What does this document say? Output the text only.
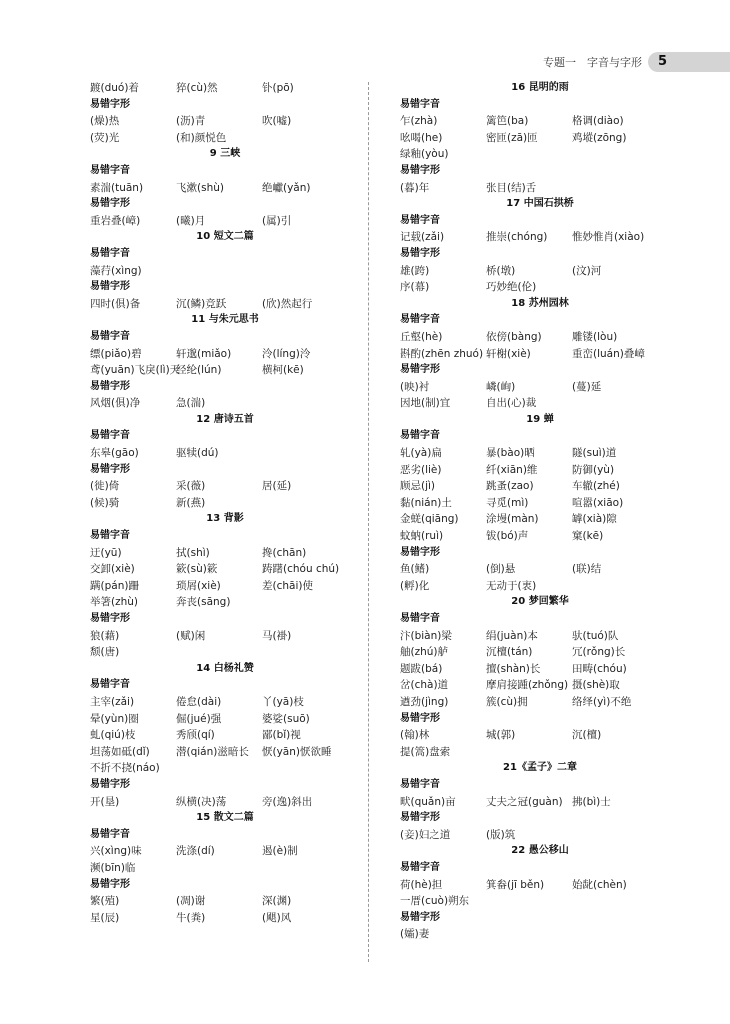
专题一　字音与字形	5
踱(duó)着	猝(cù)然	钋(pō)
易错字形
(燥)热	(沥)青	吹(嘘)
(荧)光	(和)颜悦色
9 三峡
易错字音
素湍(tuān)	飞漱(shù)	绝巘(yǎn)
易错字形
重岩叠(嶂)	(曦)月	(属)引
10 短文二篇
易错字音
藻荇(xìng)
易错字形
四时(俱)备	沉(鳞)竞跃	(欣)然起行
11 与朱元思书
易错字音
缥(piǎo)碧	轩邈(miǎo)	泠(líng)泠
鸢(yuān)飞戾(lì)天
经纶(lún)	横柯(kē)
易错字形
风烟(俱)净	急(湍)
12 唐诗五首
易错字音
东皋(gāo)	驱犊(dú)
易错字形
(徙)倚	采(薇)	居(延)
(候)骑	新(燕)
13 背影
易错字音
迂(yū)	拭(shì)	搀(chān)
交卸(xiè)	簌(sù)簌	踌躇(chóu chú)
蹒(pán)跚	琐屑(xiè)	差(chāi)使
举箸(zhù)	奔丧(sāng)
易错字形
狼(藉)	(赋)闲	马(褂)
颓(唐)
14 白杨礼赞
易错字音
主宰(zǎi)	倦怠(dài)	丫(yā)枝
晕(yùn)圈	倔(jué)强	婆娑(suō)
虬(qiú)枝	秀颀(qí)	鄙(bǐ)视
坦荡如砥(dǐ)	潜(qián)滋暗长	恹(yān)恹欲睡
不折不挠(náo)
易错字形
开(垦)	纵横(决)荡	旁(逸)斜出
15 散文二篇
易错字音
兴(xìng)味	洗涤(dí)	遏(è)制
濒(bīn)临
易错字形
繁(殖)	(凋)谢	深(渊)
星(辰)	牛(粪)	(飓)风
16 昆明的雨
易错字音
乍(zhà)	篱笆(ba)	格调(diào)
吆喝(he)	密匝(zā)匝	鸡㙡(zōng)
绿釉(yòu)
易错字形
(暮)年	张目(结)舌
17 中国石拱桥
易错字音
记载(zǎi)	推崇(chóng)	惟妙惟肖(xiào)
易错字形
雄(跨)	桥(墩)	(汶)河
序(幕)	巧妙绝(伦)
18 苏州园林
易错字音
丘壑(hè)	依傍(bàng)	雕镂(lòu)
斟酌(zhēn zhuó) 轩榭(xiè)	重峦(luán)叠嶂
易错字形
(映)衬	嶙(峋)	(蔓)延
因地(制)宜	自出(心)裁
19 蝉
易错字音
轧(yà)扁	暴(bào)晒	隧(suì)道
恶劣(liè)	纤(xiān)维	防御(yù)
顾忌(jì)	跳蚤(zao)	车辙(zhé)
黏(nián)土	寻觅(mì)	喧嚣(xiāo)
金蜣(qiāng)	涂墁(màn)	罅(xià)隙
蚊蚋(ruì)	钹(bó)声	窠(kē)
易错字形
鱼(鳍)	(倒)悬	(联)结
(孵)化	无动于(衷)
20 梦回繁华
易错字音
汴(biàn)梁	绢(juàn)本	驮(tuó)队
舳(zhú)舻	沉檀(tán)	冗(rǒng)长
题跋(bá)	擅(shàn)长	田畴(chóu)
岔(chà)道	摩肩接踵(zhǒng) 摄(shè)取
遒劲(jìng)	簇(cù)拥	络绎(yì)不绝
易错字形
(翰)林	城(郭)	沉(檀)
提(篙)盘索
21《孟子》二章
易错字音
畎(quǎn)亩	丈夫之冠(guàn) 拂(bì)士
易错字形
(妾)妇之道	(版)筑
22 愚公移山
易错字音
荷(hè)担	箕畚(jī běn)	始龀(chèn)
一厝(cuò)朔东
易错字形
(孀)妻
